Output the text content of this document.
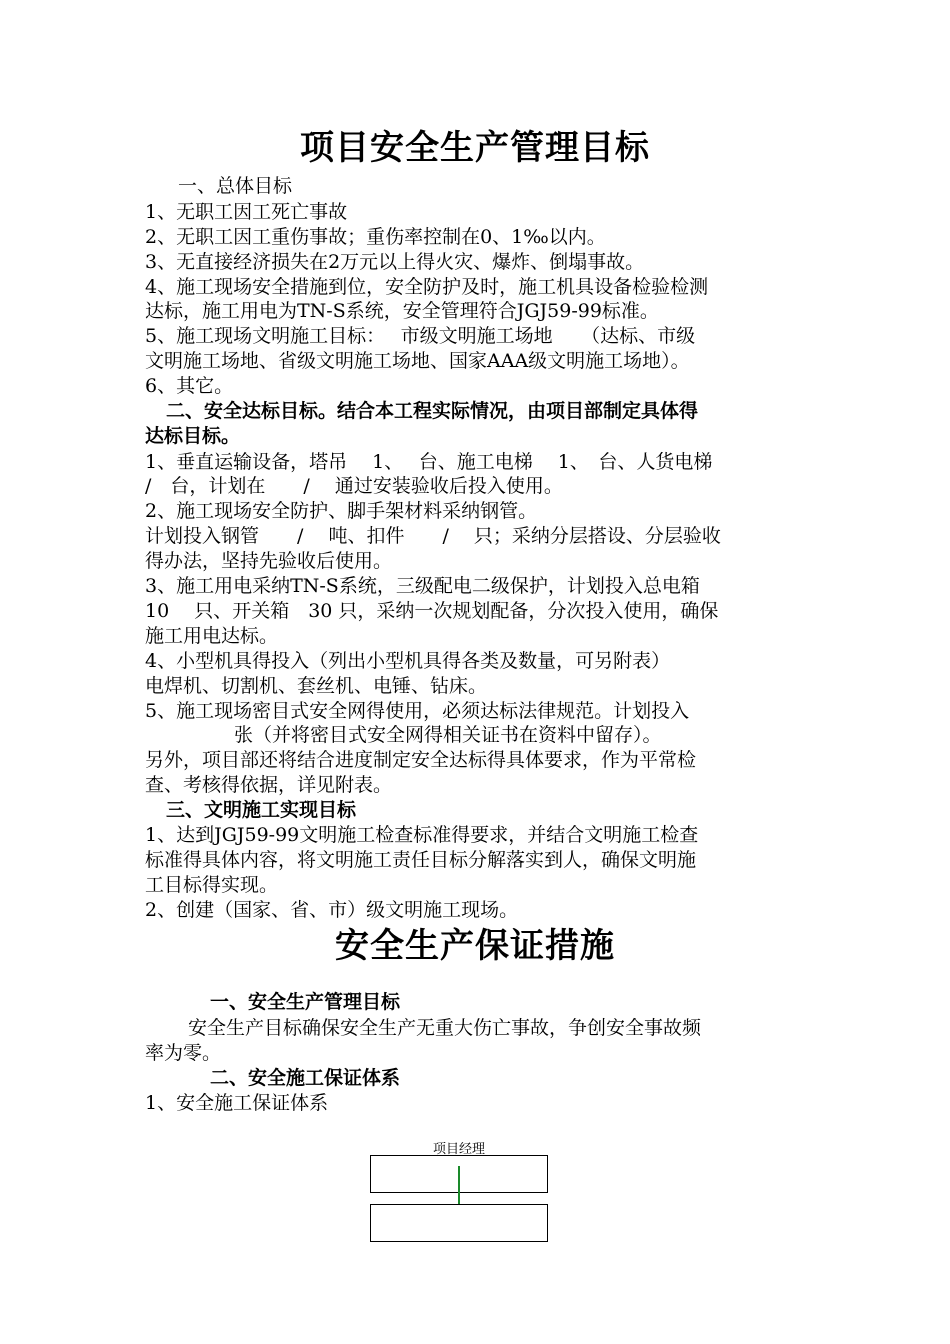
项目安全生产管理目标

一、总体目标

1、无职工因工死亡事故

2、无职工因工重伤事故；重伤率控制在0、1‰以内。

3、无直接经济损失在2万元以上得火灾、爆炸、倒塌事故。

4、施工现场安全措施到位，安全防护及时，施工机具设备检验检测

达标，施工用电为TN-S系统，安全管理符合JGJ59-99标准。

5、施工现场文明施工目标：　 市级文明施工场地　　（达标、市级

文明施工场地、省级文明施工场地、国家AAA级文明施工场地）。

6、其它。

二、安全达标目标。结合本工程实际情况，由项目部制定具体得

达标目标。

1、垂直运输设备，塔吊　 1、　 台、施工电梯　 1、　台、人货电梯

/　台，计划在　　/　 通过安装验收后投入使用。

2、施工现场安全防护、脚手架材料采纳钢管。

计划投入钢管　　/　 吨、扣件　　/　 只；采纳分层搭设、分层验收

得办法，坚持先验收后使用。

3、施工用电采纳TN-S系统，三级配电二级保护，计划投入总电箱

10　 只、开关箱　30 只，采纳一次规划配备，分次投入使用，确保

施工用电达标。

4、小型机具得投入（列出小型机具得各类及数量，可另附表）

电焊机、切割机、套丝机、电锤、钻床。

5、施工现场密目式安全网得使用，必须达标法律规范。计划投入

张（并将密目式安全网得相关证书在资料中留存）。

另外，项目部还将结合进度制定安全达标得具体要求，作为平常检

查、考核得依据，详见附表。

三、文明施工实现目标

1、达到JGJ59-99文明施工检查标准得要求，并结合文明施工检查

标准得具体内容，将文明施工责任目标分解落实到人，确保文明施

工目标得实现。

2、创建（国家、省、市）级文明施工现场。

安全生产保证措施

一、安全生产管理目标

安全生产目标确保安全生产无重大伤亡事故，争创安全事故频

率为零。

二、安全施工保证体系

1、安全施工保证体系

项目经理
